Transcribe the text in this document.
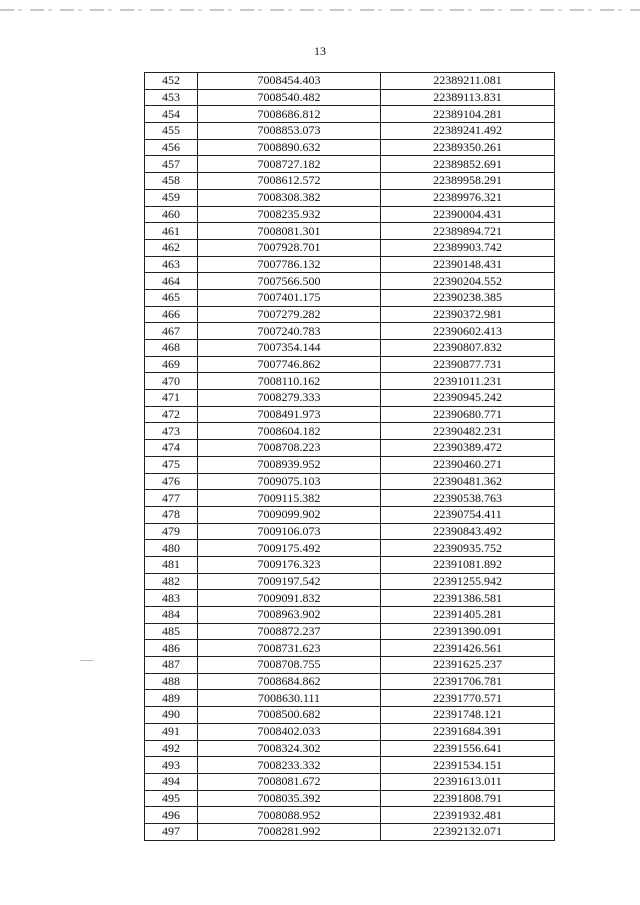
13
452	7008454.403	22389211.081
453	7008540.482	22389113.831
454	7008686.812	22389104.281
455	7008853.073	22389241.492
456	7008890.632	22389350.261
457	7008727.182	22389852.691
458	7008612.572	22389958.291
459	7008308.382	22389976.321
460	7008235.932	22390004.431
461	7008081.301	22389894.721
462	7007928.701	22389903.742
463	7007786.132	22390148.431
464	7007566.500	22390204.552
465	7007401.175	22390238.385
466	7007279.282	22390372.981
467	7007240.783	22390602.413
468	7007354.144	22390807.832
469	7007746.862	22390877.731
470	7008110.162	22391011.231
471	7008279.333	22390945.242
472	7008491.973	22390680.771
473	7008604.182	22390482.231
474	7008708.223	22390389.472
475	7008939.952	22390460.271
476	7009075.103	22390481.362
477	7009115.382	22390538.763
478	7009099.902	22390754.411
479	7009106.073	22390843.492
480	7009175.492	22390935.752
481	7009176.323	22391081.892
482	7009197.542	22391255.942
483	7009091.832	22391386.581
484	7008963.902	22391405.281
485	7008872.237	22391390.091
486	7008731.623	22391426.561
487	7008708.755	22391625.237
488	7008684.862	22391706.781
489	7008630.111	22391770.571
490	7008500.682	22391748.121
491	7008402.033	22391684.391
492	7008324.302	22391556.641
493	7008233.332	22391534.151
494	7008081.672	22391613.011
495	7008035.392	22391808.791
496	7008088.952	22391932.481
497	7008281.992	22392132.071
